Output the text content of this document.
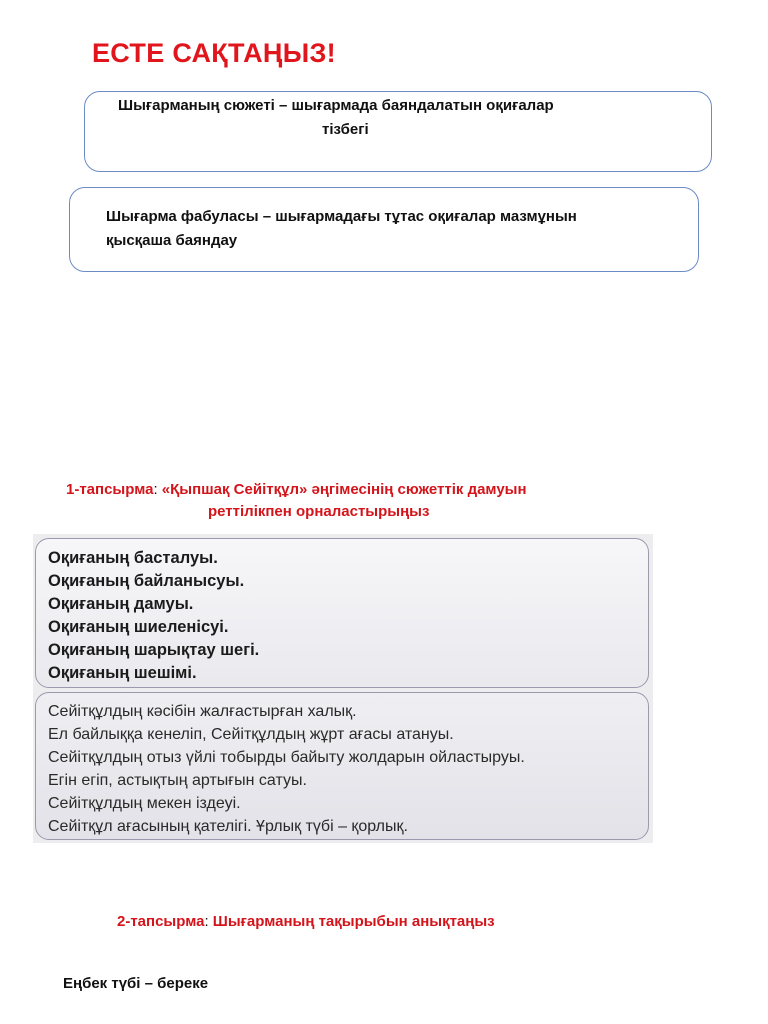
ЕСТЕ САҚТАҢЫЗ!
Шығарманың сюжеті – шығармада баяндалатын оқиғалар
тізбегі
Шығарма фабуласы – шығармадағы тұтас оқиғалар мазмұнын
қысқаша баяндау
1-тапсырма: «Қыпшақ Сейітқұл» әңгімесінің сюжеттік дамуын
реттілікпен орналастырыңыз
Оқиғаның басталуы.
Оқиғаның байланысуы.
Оқиғаның дамуы.
Оқиғаның шиеленісуі.
Оқиғаның шарықтау шегі.
Оқиғаның шешімі.
Сейітқұлдың кәсібін жалғастырған халық.
Ел байлыққа кенеліп, Сейітқұлдың жұрт ағасы атануы.
Сейітқұлдың отыз үйлі тобырды байыту жолдарын ойластыруы.
Егін егіп, астықтың артығын сатуы.
Сейітқұлдың мекен іздеуі.
Сейітқұл ағасының қателігі. Ұрлық түбі – қорлық.
2-тапсырма: Шығарманың тақырыбын анықтаңыз
Еңбек түбі – береке
